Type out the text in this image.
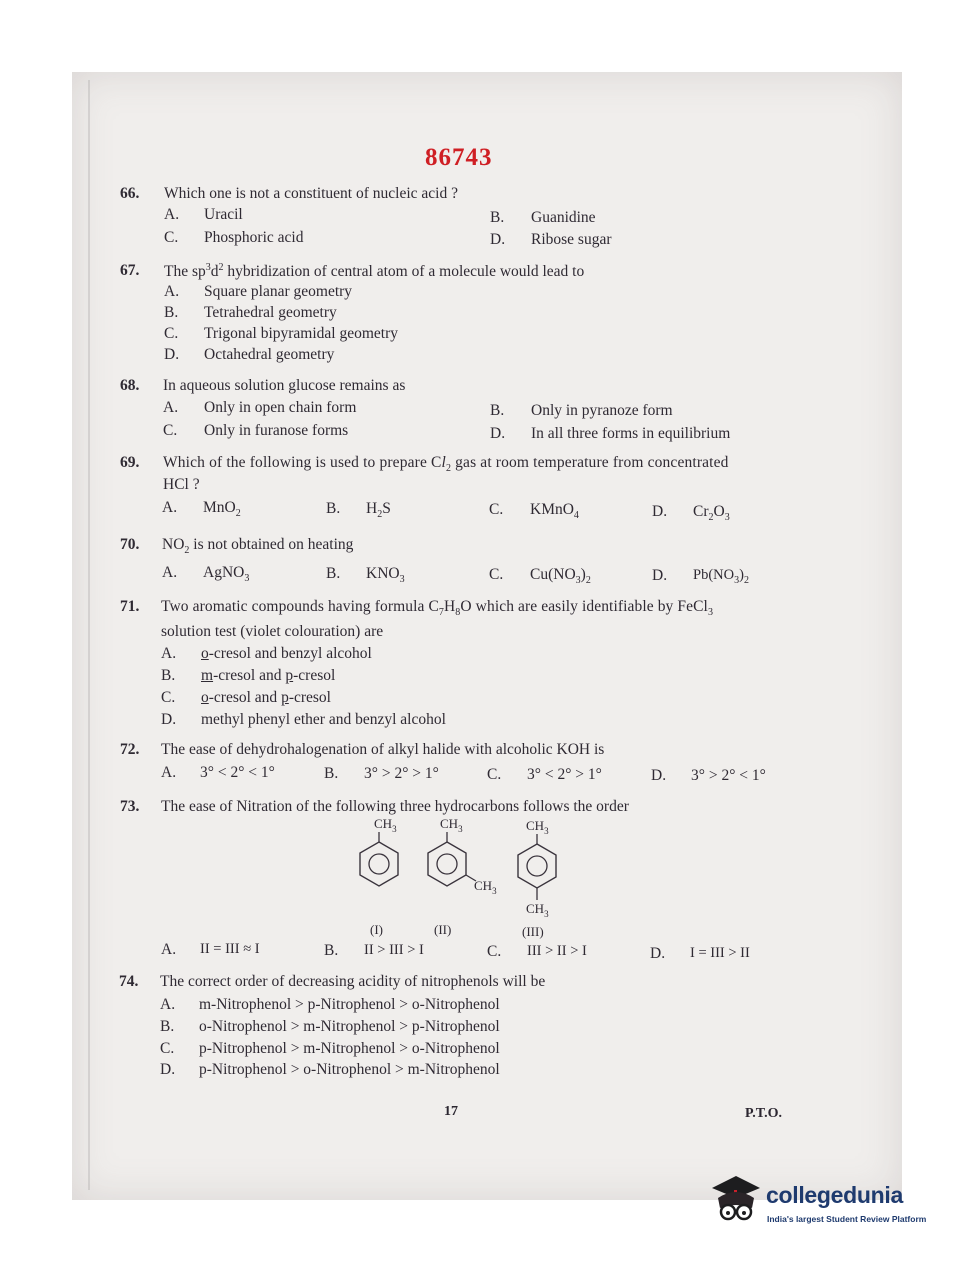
86743
66. Which one is not a constituent of nucleic acid ?
A. Uracil	B. Guanidine
C. Phosphoric acid	D. Ribose sugar
67. The $sp^3d^2$ hybridization of central atom of a molecule would lead to
A. Square planar geometry
B. Tetrahedral geometry
C. Trigonal bipyramidal geometry
D. Octahedral geometry
68. In aqueous solution glucose remains as
A. Only in open chain form	B. Only in pyranoze form
C. Only in furanose forms	D. In all three forms in equilibrium
69. Which of the following is used to prepare $Cl_2$ gas at room temperature from concentrated
HCl ?
A. MnO$_2$	B. $H_2S$	C. KMnO$_4$	D. $Cr_2O_3$
70. $NO_2$ is not obtained on heating
A. AgNO$_3$	B. $KNO_3$	C. $Cu(NO_3)_2$	D. $Pb(NO_3)_2$
71. Two aromatic compounds having formula $C_7H_8O$ which are easily identifiable by FeCl$_3$
solution test (violet colouration) are
A. o-cresol and benzyl alcohol
B. m-cresol and p-cresol
C. o-cresol and p-cresol
D. methyl phenyl ether and benzyl alcohol
72. The ease of dehydrohalogenation of alkyl halide with alcoholic KOH is
A. 3° < 2° < 1°	B. 3° > 2° > 1°	C. 3° < 2° > 1°	D. 3° > 2° < 1°
73. The ease of Nitration of the following three hydrocarbons follows the order
$CH_3$
(I)
$CH_3$
$CH_3$
(II)
$CH_3$
$CH_3$
(III)
A. II = III ≈ I	B. II > III > I	C. III > II > I	D. I = III > II
74. The correct order of decreasing acidity of nitrophenols will be
A. m-Nitrophenol > p-Nitrophenol > o-Nitrophenol
B. o-Nitrophenol > m-Nitrophenol > p-Nitrophenol
C. p-Nitrophenol > m-Nitrophenol > o-Nitrophenol
D. p-Nitrophenol > o-Nitrophenol > m-Nitrophenol
17	P.T.O.
collegedunia
India's largest Student Review Platform
